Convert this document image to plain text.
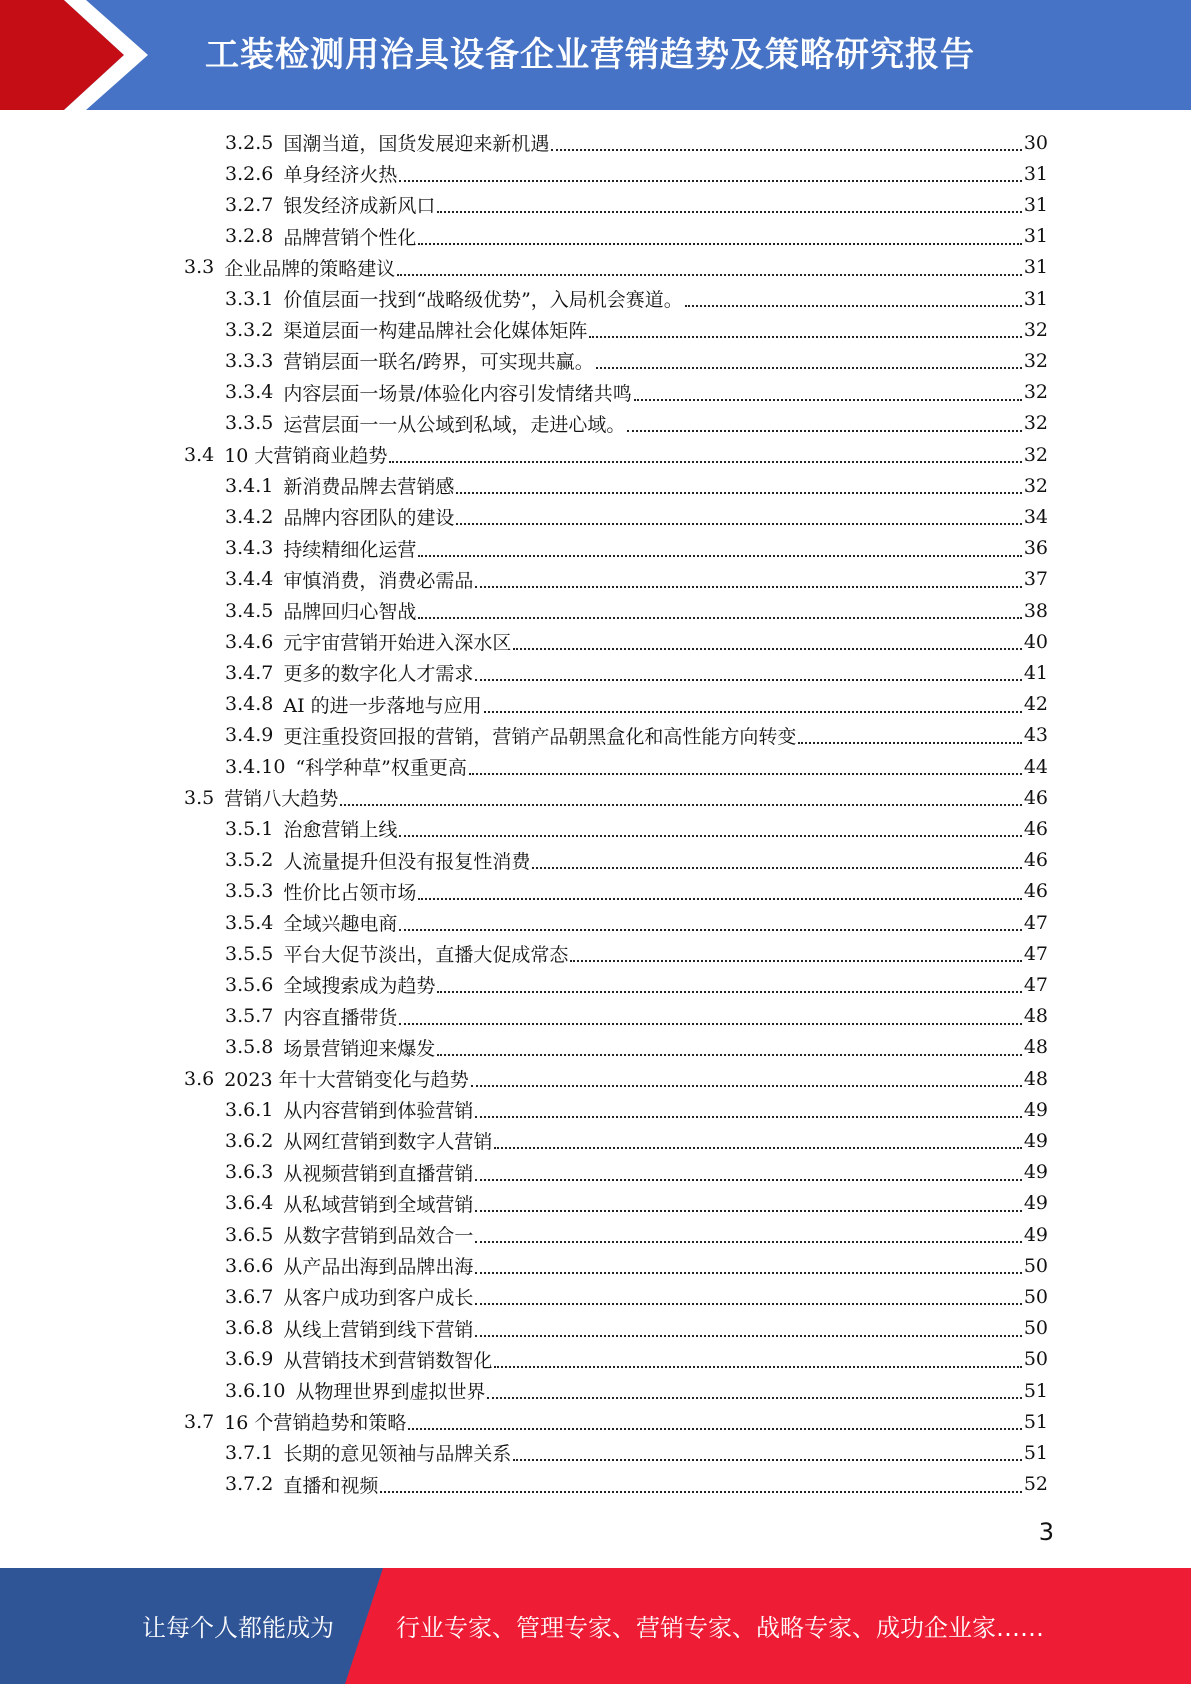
工装检测用治具设备企业营销趋势及策略研究报告
3.2.5 国潮当道，国货发展迎来新机遇	30
3.2.6 单身经济火热	31
3.2.7 银发经济成新风口	31
3.2.8 品牌营销个性化	31
3.3 企业品牌的策略建议	31
3.3.1 价值层面一找到“战略级优势”，入局机会赛道。	31
3.3.2 渠道层面一构建品牌社会化媒体矩阵	32
3.3.3 营销层面一联名/跨界，可实现共赢。	32
3.3.4 内容层面一场景/体验化内容引发情绪共鸣	32
3.3.5 运营层面一一从公域到私域，走进心域。	32
3.4 10 大营销商业趋势	32
3.4.1 新消费品牌去营销感	32
3.4.2 品牌内容团队的建设	34
3.4.3 持续精细化运营	36
3.4.4 审慎消费，消费必需品	37
3.4.5 品牌回归心智战	38
3.4.6 元宇宙营销开始进入深水区	40
3.4.7 更多的数字化人才需求	41
3.4.8 AI 的进一步落地与应用	42
3.4.9 更注重投资回报的营销，营销产品朝黑盒化和高性能方向转变	43
3.4.10 “科学种草”权重更高	44
3.5 营销八大趋势	46
3.5.1 治愈营销上线	46
3.5.2 人流量提升但没有报复性消费	46
3.5.3 性价比占领市场	46
3.5.4 全域兴趣电商	47
3.5.5 平台大促节淡出，直播大促成常态	47
3.5.6 全域搜索成为趋势	47
3.5.7 内容直播带货	48
3.5.8 场景营销迎来爆发	48
3.6 2023 年十大营销变化与趋势	48
3.6.1 从内容营销到体验营销	49
3.6.2 从网红营销到数字人营销	49
3.6.3 从视频营销到直播营销	49
3.6.4 从私域营销到全域营销	49
3.6.5 从数字营销到品效合一	49
3.6.6 从产品出海到品牌出海	50
3.6.7 从客户成功到客户成长	50
3.6.8 从线上营销到线下营销	50
3.6.9 从营销技术到营销数智化	50
3.6.10 从物理世界到虚拟世界	51
3.7 16 个营销趋势和策略	51
3.7.1 长期的意见领袖与品牌关系	51
3.7.2 直播和视频	52
3
让每个人都能成为	行业专家、管理专家、营销专家、战略专家、成功企业家……
